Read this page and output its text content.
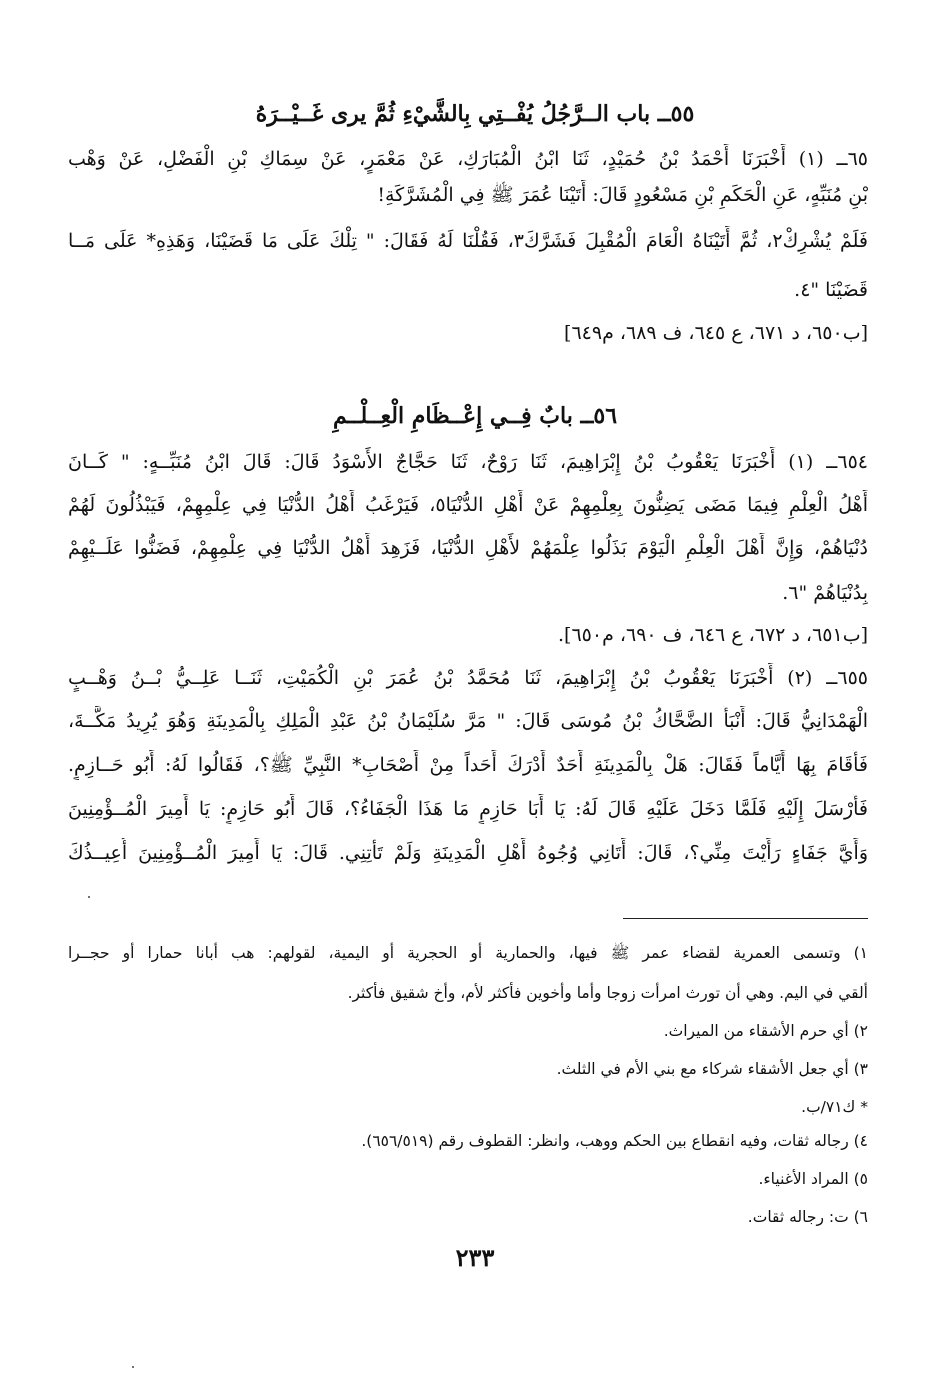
٥٥ــ باب الــرَّجُلُ يُفْــتِي بِالشَّيْءِ ثُمَّ يرى غَــيْــرَهُ
٦٥ــ (١) أَخْبَرَنَا أَحْمَدُ بْنُ حُمَيْدٍ، ثَنَا ابْنُ الْمُبَارَكِ، عَنْ مَعْمَرٍ، عَنْ سِمَاكِ بْنِ الْفَضْلِ، عَنْ وَهْب
بْنِ مُنَبِّهٍ، عَنِ الْحَكَمِ بْنِ مَسْعُودٍ قَالَ: أَتَيْنَا عُمَرَ ﷺ فِي الْمُشَرَّكَةِ!
فَلَمْ يُشْرِكْ٢، ثُمَّ أَتَيْنَاهُ الْعَامَ الْمُقْبِلَ فَشَرَّكَ٣، فَقُلْنَا لَهُ فَقَالَ: " تِلْكَ عَلَى مَا قَضَيْنَا، وَهَذِهِ* عَلَى مَــا
قَضَيْنَا "٤.
[ب٦٥٠، د ٦٧١، ع ٦٤٥، ف ٦٨٩، م٦٤٩]
٥٦ــ بابٌ فِــي إِعْــظَامِ الْعِــلْــمِ
٦٥٤ــ (١) أَخْبَرَنَا يَعْقُوبُ بْنُ إِبْرَاهِيمَ، ثَنَا رَوْحٌ، ثَنَا حَجَّاجٌ الأَسْوَدُ قَالَ: قَالَ ابْنُ مُنَبِّــهٍ: " كَــانَ
أَهْلُ الْعِلْمِ فِيمَا مَضَى يَضِنُّونَ بِعِلْمِهِمْ عَنْ أَهْلِ الدُّنْيَا٥، فَيَرْغَبُ أَهْلُ الدُّنْيَا فِي عِلْمِهِمْ، فَيَبْذُلُونَ لَهُمْ
دُنْيَاهُمْ، وَإِنَّ أَهْلَ الْعِلْمِ الْيَوْمَ بَذَلُوا عِلْمَهُمْ لأَهْلِ الدُّنْيَا، فَزَهِدَ أَهْلُ الدُّنْيَا فِي عِلْمِهِمْ، فَضَنُّوا عَلَــيْهِمْ
بِدُنْيَاهُمْ "٦.
[ب٦٥١، د ٦٧٢، ع ٦٤٦، ف ٦٩٠، م٦٥٠].
٦٥٥ــ (٢) أَخْبَرَنَا يَعْقُوبُ بْنُ إِبْرَاهِيمَ، ثَنَا مُحَمَّدُ بْنُ عُمَرَ بْنِ الْكُمَيْتِ، ثَنَــا عَلِــيُّ بْــنُ وَهْــبٍ
الْهَمْدَانِيُّ قَالَ: أَنْبَأَ الضَّحَّاكُ بْنُ مُوسَى قَالَ: " مَرَّ سُلَيْمَانُ بْنُ عَبْدِ الْمَلِكِ بِالْمَدِينَةِ وَهُوَ يُرِيدُ مَكَّــةَ،
فَأَقَامَ بِهَا أَيَّاماً فَقَالَ: هَلْ بِالْمَدِينَةِ أَحَدٌ أَدْرَكَ أَحَداً مِنْ أَصْحَابِ* النَّبِيِّ ﷺ؟، فَقَالُوا لَهُ: أَبُو حَــازِمٍ.
فَأَرْسَلَ إِلَيْهِ فَلَمَّا دَخَلَ عَلَيْهِ قَالَ لَهُ: يَا أَبَا حَازِمٍ مَا هَذَا الْجَفَاءُ؟، قَالَ أَبُو حَازِمٍ: يَا أَمِيرَ الْمُــؤْمِنِينَ
وَأَيَّ جَفَاءٍ رَأَيْتَ مِنِّي؟، قَالَ: أَتَانِي وُجُوهُ أَهْلِ الْمَدِينَةِ وَلَمْ تَأْتِنِي. قَالَ: يَا أَمِيرَ الْمُــؤْمِنِينَ أُعِيــذُكَ
١) وتسمى العمرية لقضاء عمر ﷺ فيها، والحمارية أو الحجرية أو اليمية، لقولهم: هب أبانا حمارا أو حجــرا
ألقي في اليم. وهي أن تورث امرأت زوجا وأما وأخوين فأكثر لأم، وأخ شقيق فأكثر.
٢) أي حرم الأشقاء من الميراث.
٣) أي جعل الأشقاء شركاء مع بني الأم في الثلث.
* ك٧١/ب.
٤) رجاله ثقات، وفيه انقطاع بين الحكم ووهب، وانظر: القطوف رقم (٦٥٦/٥١٩).
٥) المراد الأغنياء.
٦) ت: رجاله ثقات.
٢٣٣
